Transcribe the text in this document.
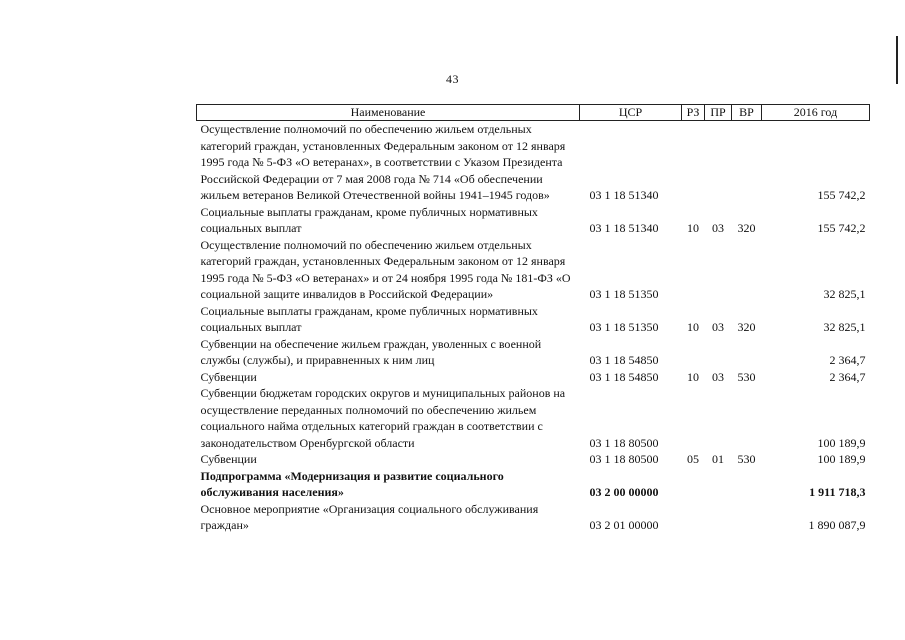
43
Наименование	ЦСР	РЗ	ПР	ВР	2016 год
Осуществление полномочий по обеспечению жильем отдельных категорий граждан, установленных Федеральным законом от 12 января 1995 года № 5-ФЗ «О ветеранах», в соответствии с Указом Президента Российской Федерации от 7 мая 2008 года № 714 «Об обеспечении жильем ветеранов Великой Отечественной войны 1941–1945 годов»	03 1 18 51340				155 742,2
Социальные выплаты гражданам, кроме публичных нормативных социальных выплат	03 1 18 51340	10	03	320	155 742,2
Осуществление полномочий по обеспечению жильем отдельных категорий граждан, установленных Федеральным законом от 12 января 1995 года № 5-ФЗ «О ветеранах» и от 24 ноября 1995 года № 181-ФЗ «О социальной защите инвалидов в Российской Федерации»	03 1 18 51350				32 825,1
Социальные выплаты гражданам, кроме публичных нормативных социальных выплат	03 1 18 51350	10	03	320	32 825,1
Субвенции на обеспечение жильем граждан, уволенных с военной службы (службы), и приравненных к ним лиц	03 1 18 54850				2 364,7
Субвенции	03 1 18 54850	10	03	530	2 364,7
Субвенции бюджетам городских округов и муниципальных районов на осуществление переданных полномочий по обеспечению жильем социального найма отдельных категорий граждан в соответствии с законодательством Оренбургской области	03 1 18 80500				100 189,9
Субвенции	03 1 18 80500	05	01	530	100 189,9
Подпрограмма «Модернизация и развитие социального обслуживания населения»	03 2 00 00000				1 911 718,3
Основное мероприятие «Организация социального обслуживания граждан»	03 2 01 00000				1 890 087,9
